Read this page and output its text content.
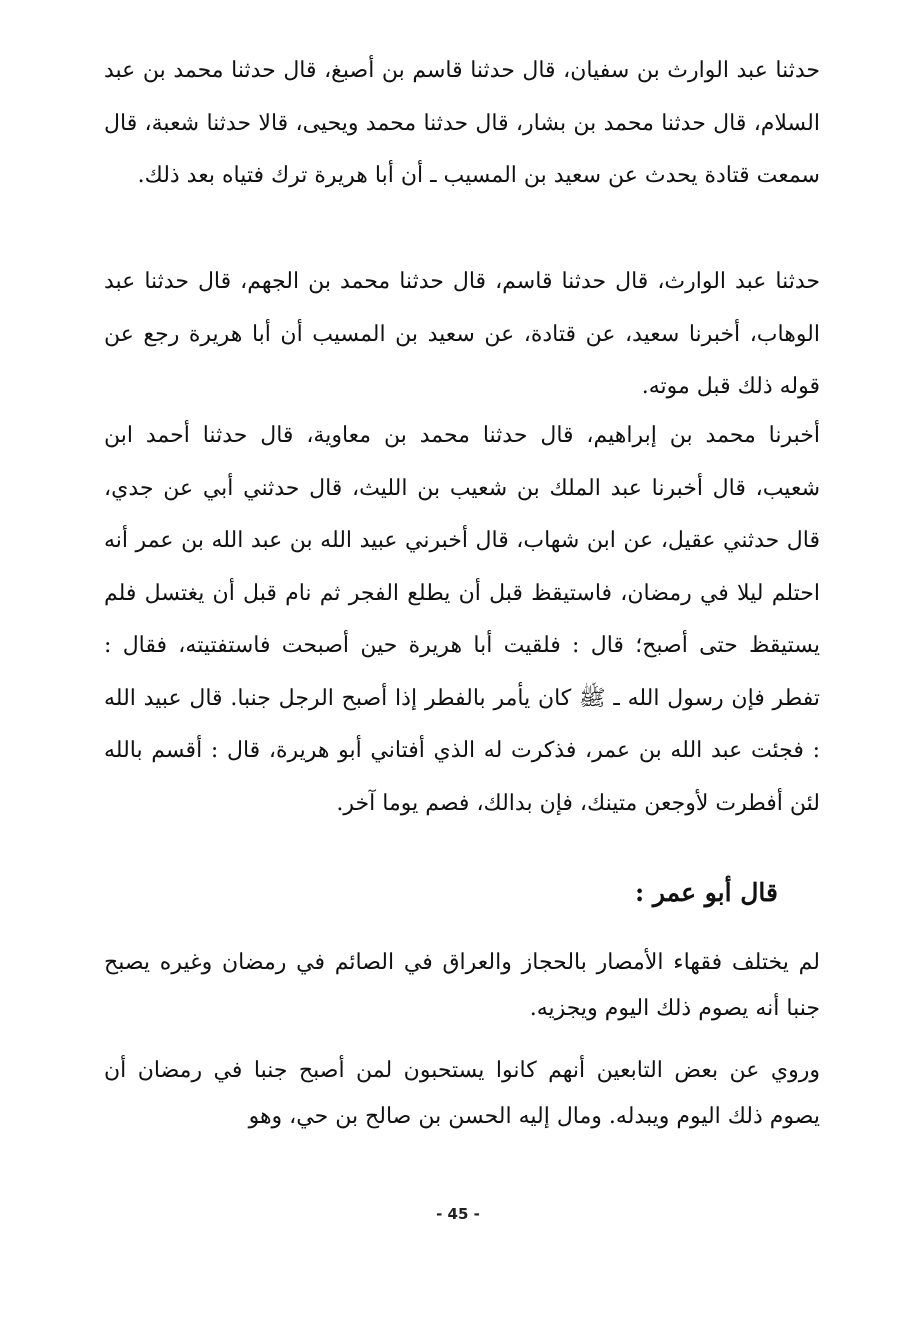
حدثنا عبد الوارث بن سفيان، قال حدثنا قاسم بن أصبغ، قال حدثنا محمد بن عبد السلام، قال حدثنا محمد بن بشار، قال حدثنا محمد ويحيى، قالا حدثنا شعبة، قال سمعت قتادة يحدث عن سعيد بن المسيب ـ أن أبا هريرة ترك فتياه بعد ذلك.

حدثنا عبد الوارث، قال حدثنا قاسم، قال حدثنا محمد بن الجهم، قال حدثنا عبد الوهاب، أخبرنا سعيد، عن قتادة، عن سعيد بن المسيب أن أبا هريرة رجع عن قوله ذلك قبل موته.

أخبرنا محمد بن إبراهيم، قال حدثنا محمد بن معاوية، قال حدثنا أحمد ابن شعيب، قال أخبرنا عبد الملك بن شعيب بن الليث، قال حدثني أبي عن جدي، قال حدثني عقيل، عن ابن شهاب، قال أخبرني عبيد الله بن عبد الله بن عمر أنه احتلم ليلا في رمضان، فاستيقظ قبل أن يطلع الفجر ثم نام قبل أن يغتسل فلم يستيقظ حتى أصبح؛ قال : فلقيت أبا هريرة حين أصبحت فاستفتيته، فقال : تفطر فإن رسول الله ـ ﷺ كان يأمر بالفطر إذا أصبح الرجل جنبا. قال عبيد الله : فجئت عبد الله بن عمر، فذكرت له الذي أفتاني أبو هريرة، قال : أقسم بالله لئن أفطرت لأوجعن متينك، فإن بدالك، فصم يوما آخر.

قال أبو عمر :

لم يختلف فقهاء الأمصار بالحجاز والعراق في الصائم في رمضان وغيره يصبح جنبا أنه يصوم ذلك اليوم ويجزيه.

وروي عن بعض التابعين أنهم كانوا يستحبون لمن أصبح جنبا في رمضان أن يصوم ذلك اليوم ويبدله. ومال إليه الحسن بن صالح بن حي، وهو

- 45 -
